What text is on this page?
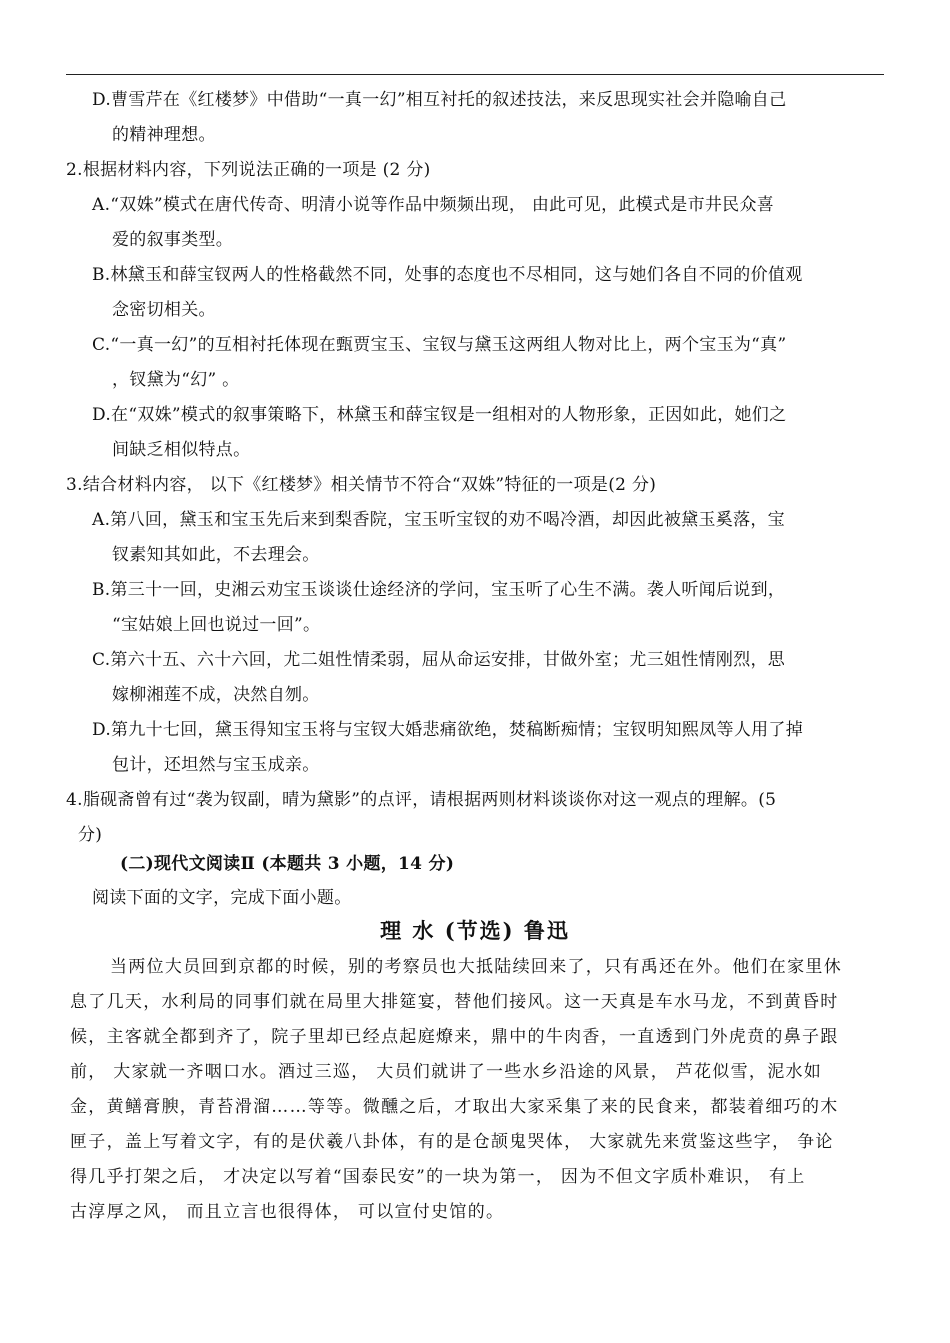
D.曹雪芹在《红楼梦》中借助“一真一幻”相互衬托的叙述技法，来反思现实社会并隐喻自己
的精神理想。
2.根据材料内容，下列说法正确的一项是 (2 分)
A.“双姝”模式在唐代传奇、明清小说等作品中频频出现， 由此可见，此模式是市井民众喜
爱的叙事类型。
B.林黛玉和薛宝钗两人的性格截然不同，处事的态度也不尽相同，这与她们各自不同的价值观
念密切相关。
C.“一真一幻”的互相衬托体现在甄贾宝玉、宝钗与黛玉这两组人物对比上，两个宝玉为“真”
，钗黛为“幻” 。
D.在“双姝”模式的叙事策略下，林黛玉和薛宝钗是一组相对的人物形象，正因如此，她们之
间缺乏相似特点。
3.结合材料内容， 以下《红楼梦》相关情节不符合“双姝”特征的一项是(2 分)
A.第八回，黛玉和宝玉先后来到梨香院，宝玉听宝钗的劝不喝冷酒，却因此被黛玉奚落，宝
钗素知其如此，不去理会。
B.第三十一回，史湘云劝宝玉谈谈仕途经济的学问，宝玉听了心生不满。袭人听闻后说到，
“宝姑娘上回也说过一回”。
C.第六十五、六十六回，尤二姐性情柔弱，屈从命运安排，甘做外室；尤三姐性情刚烈，思
嫁柳湘莲不成，决然自刎。
D.第九十七回，黛玉得知宝玉将与宝钗大婚悲痛欲绝，焚稿断痴情；宝钗明知熙凤等人用了掉
包计，还坦然与宝玉成亲。
4.脂砚斋曾有过“袭为钗副，晴为黛影”的点评，请根据两则材料谈谈你对这一观点的理解。(5
分)
(二)现代文阅读Ⅱ (本题共 3 小题，14 分)
阅读下面的文字，完成下面小题。
理 水 (节选) 鲁迅
当两位大员回到京都的时候，别的考察员也大抵陆续回来了，只有禹还在外。他们在家里休
息了几天，水利局的同事们就在局里大排筵宴，替他们接风。这一天真是车水马龙，不到黄昏时
候，主客就全都到齐了，院子里却已经点起庭燎来，鼎中的牛肉香，一直透到门外虎贲的鼻子跟
前， 大家就一齐咽口水。酒过三巡， 大员们就讲了一些水乡沿途的风景， 芦花似雪，泥水如
金，黄鳝膏腴，青苔滑溜……等等。微醺之后，才取出大家采集了来的民食来，都装着细巧的木
匣子，盖上写着文字，有的是伏羲八卦体，有的是仓颉鬼哭体， 大家就先来赏鉴这些字， 争论
得几乎打架之后， 才决定以写着“国泰民安”的一块为第一， 因为不但文字质朴难识， 有上
古淳厚之风， 而且立言也很得体， 可以宣付史馆的。
